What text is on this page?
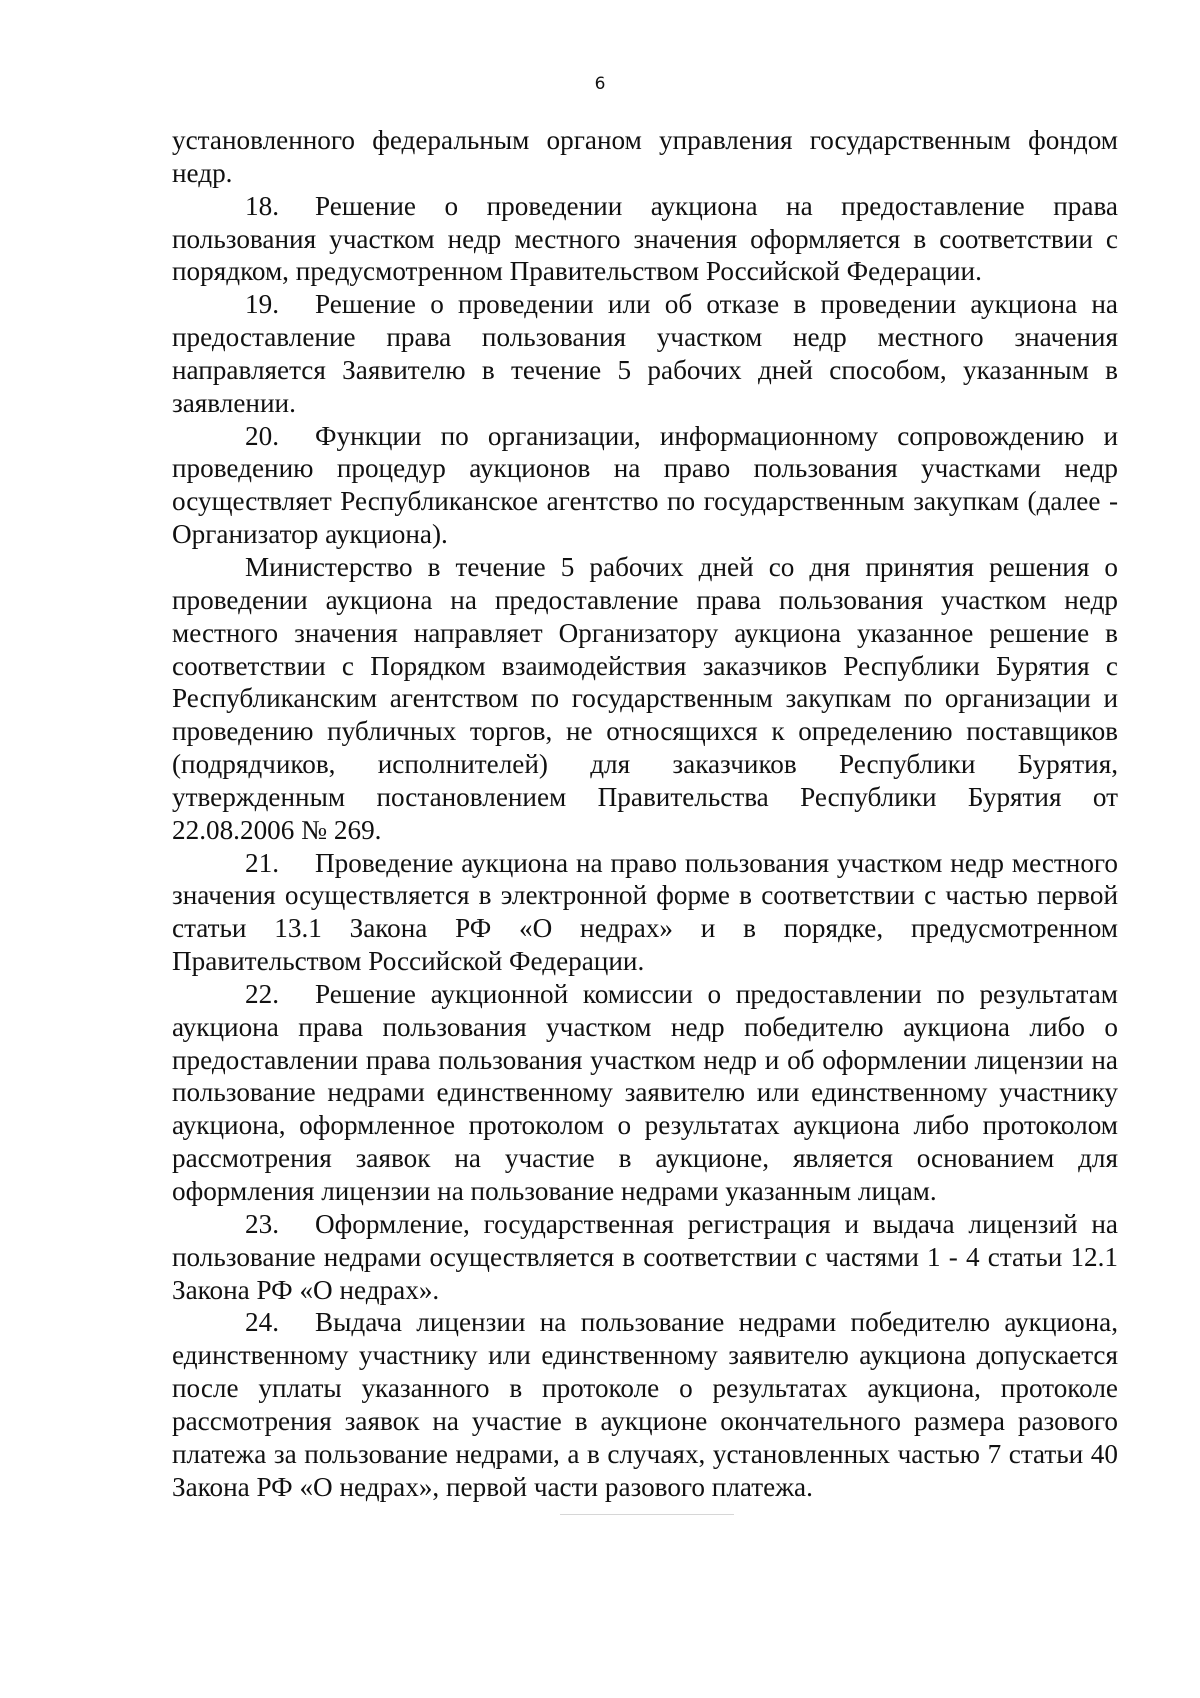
6

установленного федеральным органом управления государственным фондом недр.

18. Решение о проведении аукциона на предоставление права пользования участком недр местного значения оформляется в соответствии с порядком, предусмотренном Правительством Российской Федерации.

19. Решение о проведении или об отказе в проведении аукциона на предоставление права пользования участком недр местного значения направляется Заявителю в течение 5 рабочих дней способом, указанным в заявлении.

20. Функции по организации, информационному сопровождению и проведению процедур аукционов на право пользования участками недр осуществляет Республиканское агентство по государственным закупкам (далее - Организатор аукциона).

Министерство в течение 5 рабочих дней со дня принятия решения о проведении аукциона на предоставление права пользования участком недр местного значения направляет Организатору аукциона указанное решение в соответствии с Порядком взаимодействия заказчиков Республики Бурятия с Республиканским агентством по государственным закупкам по организации и проведению публичных торгов, не относящихся к определению поставщиков (подрядчиков, исполнителей) для заказчиков Республики Бурятия, утвержденным постановлением Правительства Республики Бурятия от 22.08.2006 № 269.

21. Проведение аукциона на право пользования участком недр местного значения осуществляется в электронной форме в соответствии с частью первой статьи 13.1 Закона РФ «О недрах» и в порядке, предусмотренном Правительством Российской Федерации.

22. Решение аукционной комиссии о предоставлении по результатам аукциона права пользования участком недр победителю аукциона либо о предоставлении права пользования участком недр и об оформлении лицензии на пользование недрами единственному заявителю или единственному участнику аукциона, оформленное протоколом о результатах аукциона либо протоколом рассмотрения заявок на участие в аукционе, является основанием для оформления лицензии на пользование недрами указанным лицам.

23. Оформление, государственная регистрация и выдача лицензий на пользование недрами осуществляется в соответствии с частями 1 - 4 статьи 12.1 Закона РФ «О недрах».

24. Выдача лицензии на пользование недрами победителю аукциона, единственному участнику или единственному заявителю аукциона допускается после уплаты указанного в протоколе о результатах аукциона, протоколе рассмотрения заявок на участие в аукционе окончательного размера разового платежа за пользование недрами, а в случаях, установленных частью 7 статьи 40 Закона РФ «О недрах», первой части разового платежа.
